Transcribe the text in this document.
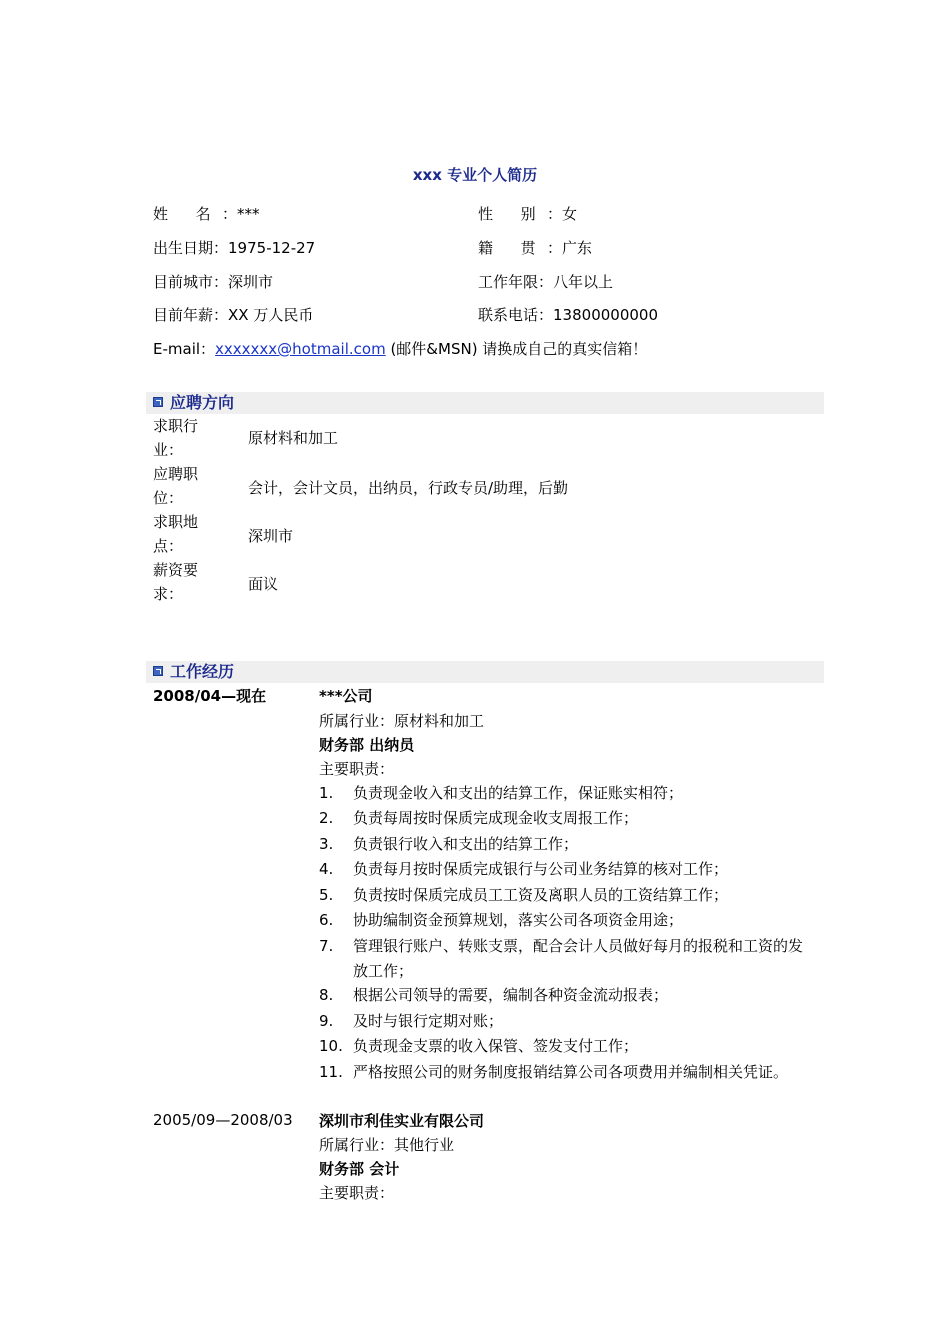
xxx 专业个人简历
姓 名：***	性 别：女
出生日期：1975-12-27	籍 贯：广东
目前城市：深圳市	工作年限：八年以上
目前年薪：XX 万人民币	联系电话：13800000000
E-mail：xxxxxxx@hotmail.com (邮件&MSN) 请换成自己的真实信箱！
应聘方向
求职行业：
原材料和加工
应聘职位：
会计，会计文员，出纳员，行政专员/助理，后勤
求职地点：
深圳市
薪资要求：
面议
工作经历
2008/04—现在	***公司
所属行业：原材料和加工
财务部 出纳员
主要职责：
1. 负责现金收入和支出的结算工作，保证账实相符；
2. 负责每周按时保质完成现金收支周报工作；
3. 负责银行收入和支出的结算工作；
4. 负责每月按时保质完成银行与公司业务结算的核对工作；
5. 负责按时保质完成员工工资及离职人员的工资结算工作；
6. 协助编制资金预算规划，落实公司各项资金用途；
7. 管理银行账户、转账支票，配合会计人员做好每月的报税和工资的发放工作；
8. 根据公司领导的需要，编制各种资金流动报表；
9. 及时与银行定期对账；
10. 负责现金支票的收入保管、签发支付工作；
11. 严格按照公司的财务制度报销结算公司各项费用并编制相关凭证。
2005/09—2008/03 深圳市利佳实业有限公司
所属行业：其他行业
财务部 会计
主要职责：
